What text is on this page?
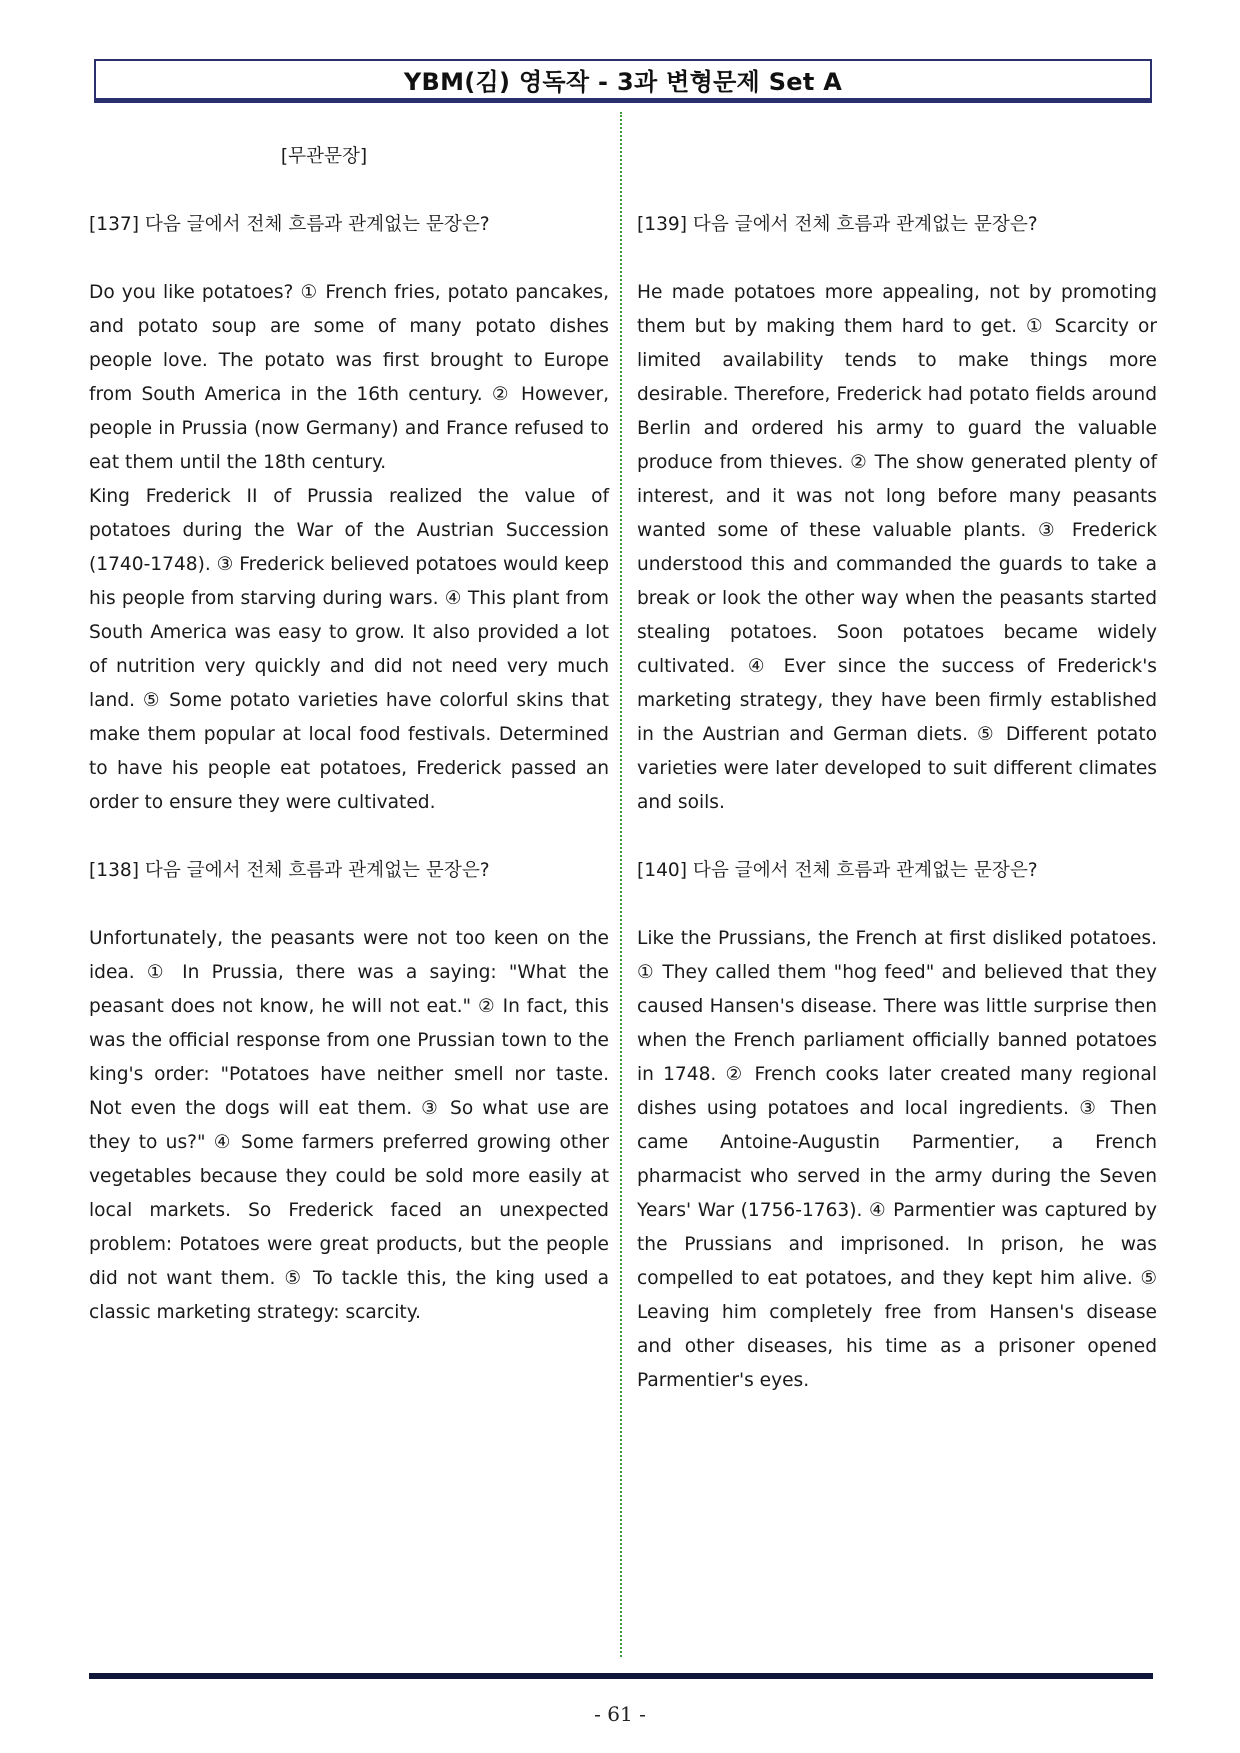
YBM(김) 영독작 - 3과 변형문제 Set A
[무관문장]
[137] 다음 글에서 전체 흐름과 관계없는 문장은?

Do you like potatoes? ① French fries, potato pancakes, and potato soup are some of many potato dishes people love. The potato was first brought to Europe from South America in the 16th century. ② However, people in Prussia (now Germany) and France refused to eat them until the 18th century.

King Frederick II of Prussia realized the value of potatoes during the War of the Austrian Succession (1740-1748). ③ Frederick believed potatoes would keep his people from starving during wars. ④ This plant from South America was easy to grow. It also provided a lot of nutrition very quickly and did not need very much land. ⑤ Some potato varieties have colorful skins that make them popular at local food festivals. Determined to have his people eat potatoes, Frederick passed an order to ensure they were cultivated.

[138] 다음 글에서 전체 흐름과 관계없는 문장은?

Unfortunately, the peasants were not too keen on the idea. ① In Prussia, there was a saying: "What the peasant does not know, he will not eat." ② In fact, this was the official response from one Prussian town to the king's order: "Potatoes have neither smell nor taste. Not even the dogs will eat them. ③ So what use are they to us?" ④ Some farmers preferred growing other vegetables because they could be sold more easily at local markets. So Frederick faced an unexpected problem: Potatoes were great products, but the people did not want them. ⑤ To tackle this, the king used a classic marketing strategy: scarcity.

[139] 다음 글에서 전체 흐름과 관계없는 문장은?

He made potatoes more appealing, not by promoting them but by making them hard to get. ① Scarcity or limited availability tends to make things more desirable. Therefore, Frederick had potato fields around Berlin and ordered his army to guard the valuable produce from thieves. ② The show generated plenty of interest, and it was not long before many peasants wanted some of these valuable plants. ③ Frederick understood this and commanded the guards to take a break or look the other way when the peasants started stealing potatoes. Soon potatoes became widely cultivated. ④ Ever since the success of Frederick's marketing strategy, they have been firmly established in the Austrian and German diets. ⑤ Different potato varieties were later developed to suit different climates and soils.

[140] 다음 글에서 전체 흐름과 관계없는 문장은?

Like the Prussians, the French at first disliked potatoes. ① They called them "hog feed" and believed that they caused Hansen's disease. There was little surprise then when the French parliament officially banned potatoes in 1748. ② French cooks later created many regional dishes using potatoes and local ingredients. ③ Then came Antoine-Augustin Parmentier, a French pharmacist who served in the army during the Seven Years' War (1756-1763). ④ Parmentier was captured by the Prussians and imprisoned. In prison, he was compelled to eat potatoes, and they kept him alive. ⑤ Leaving him completely free from Hansen's disease and other diseases, his time as a prisoner opened Parmentier's eyes.

- 61 -
